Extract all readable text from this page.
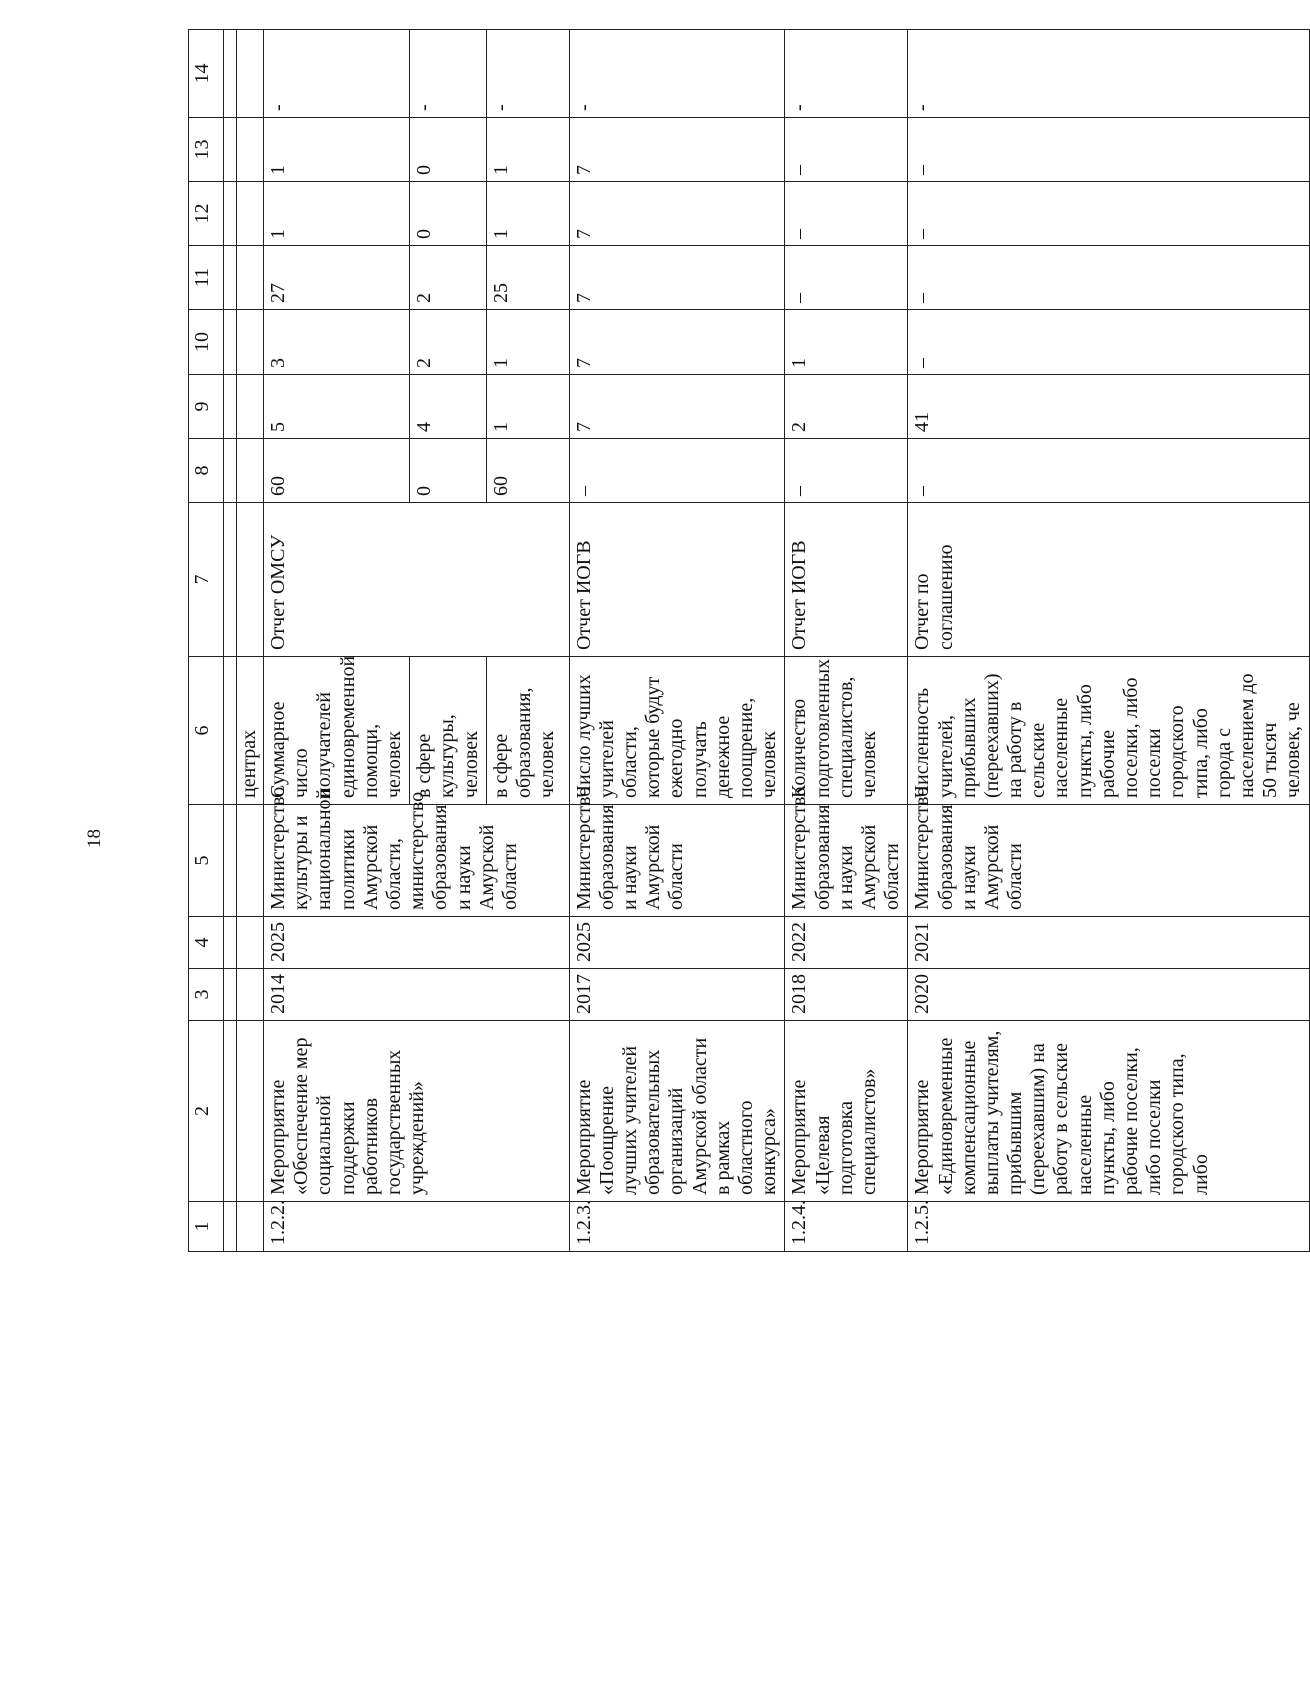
18
1	2	3	4	5	6	7	8	9	10	11	12	13	14

					центрах								
1.2.2.	Мероприятие «Обеспечение мер социальной поддержки работников государственных учреждений»	2014	2025	Министерство культуры и национальной политики Амурской области, министерство образования и науки Амурской области	Суммарное число получателей единовременной помощи, человек	Отчет ОМСУ	60	5	3	27	1	1	-
					в сфере культуры, человек		0	4	2	2	0	0	-
					в сфере образования, человек		60	1	1	25	1	1	-
1.2.3.	Мероприятие «Поощрение лучших учителей образовательных организаций Амурской области в рамках областного конкурса»	2017	2025	Министерство образования и науки Амурской области	Число лучших учителей области, которые будут ежегодно получать денежное поощрение, человек	Отчет ИОГВ	–	7	7	7	7	7	-
1.2.4.	Мероприятие «Целевая подготовка специалистов»	2018	2022	Министерство образования и науки Амурской области	Количество подготовленных специалистов, человек	Отчет ИОГВ	–	2	1	–	–	–	-
1.2.5.	Мероприятие «Единовременные компенсационные выплаты учителям, прибывшим (переехавшим) на работу в сельские населенные пункты, либо рабочие поселки, либо поселки городского типа, либо	2020	2021	Министерство образования и науки Амурской области	Численность учителей, прибывших (переехавших) на работу в сельские населенные пункты, либо рабочие поселки, либо поселки городского типа, либо города с населением до 50 тысяч человек, че	Отчет по соглашению	–	41	–	–	–	–	-
